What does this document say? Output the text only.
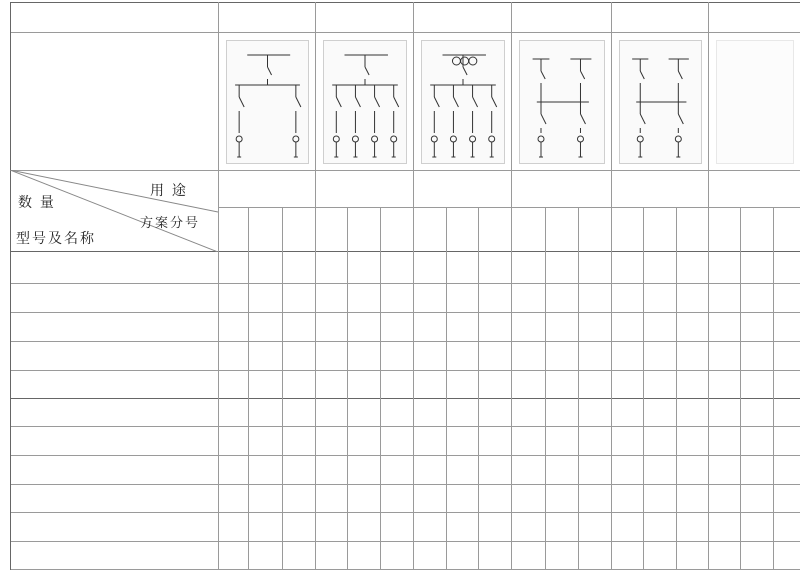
用 途
数 量
方案分号
型号及名称
